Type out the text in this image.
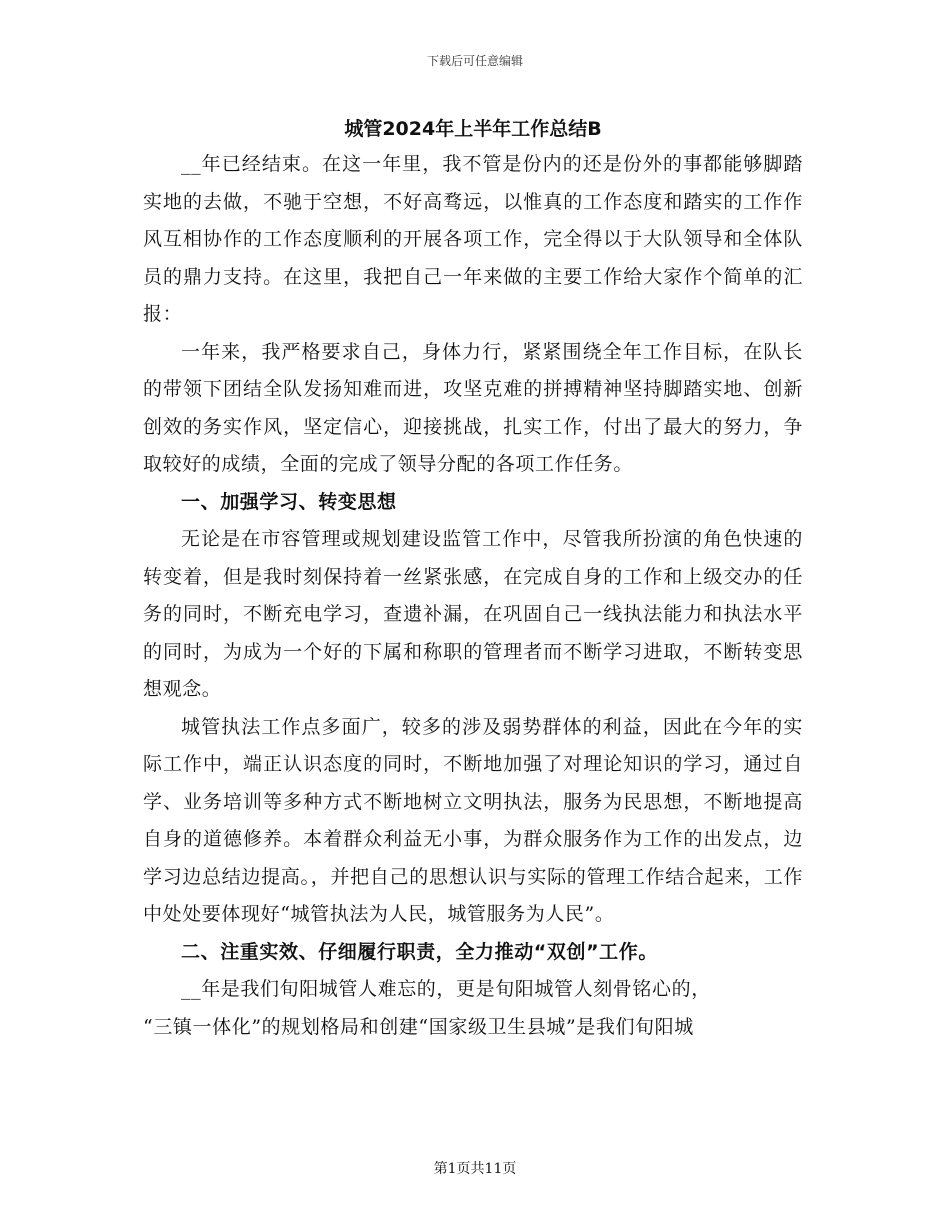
下载后可任意编辑
城管2024年上半年工作总结B

__年已经结束。在这一年里，我不管是份内的还是份外的事都能够脚踏实地的去做，不驰于空想，不好高骛远，以惟真的工作态度和踏实的工作作风互相协作的工作态度顺利的开展各项工作，完全得以于大队领导和全体队员的鼎力支持。在这里，我把自己一年来做的主要工作给大家作个简单的汇报：

一年来，我严格要求自己，身体力行，紧紧围绕全年工作目标，在队长的带领下团结全队发扬知难而进，攻坚克难的拼搏精神坚持脚踏实地、创新创效的务实作风，坚定信心，迎接挑战，扎实工作，付出了最大的努力，争取较好的成绩，全面的完成了领导分配的各项工作任务。

一、加强学习、转变思想

无论是在市容管理或规划建设监管工作中，尽管我所扮演的角色快速的转变着，但是我时刻保持着一丝紧张感，在完成自身的工作和上级交办的任务的同时，不断充电学习，查遗补漏，在巩固自己一线执法能力和执法水平的同时，为成为一个好的下属和称职的管理者而不断学习进取，不断转变思想观念。

城管执法工作点多面广，较多的涉及弱势群体的利益，因此在今年的实际工作中，端正认识态度的同时，不断地加强了对理论知识的学习，通过自学、业务培训等多种方式不断地树立文明执法，服务为民思想，不断地提高自身的道德修养。本着群众利益无小事，为群众服务作为工作的出发点，边学习边总结边提高。，并把自己的思想认识与实际的管理工作结合起来，工作中处处要体现好“城管执法为人民，城管服务为人民”。

二、注重实效、仔细履行职责，全力推动“双创”工作。

__年是我们旬阳城管人难忘的，更是旬阳城管人刻骨铭心的，

“三镇一体化”的规划格局和创建“国家级卫生县城”是我们旬阳城

第1页共11页
